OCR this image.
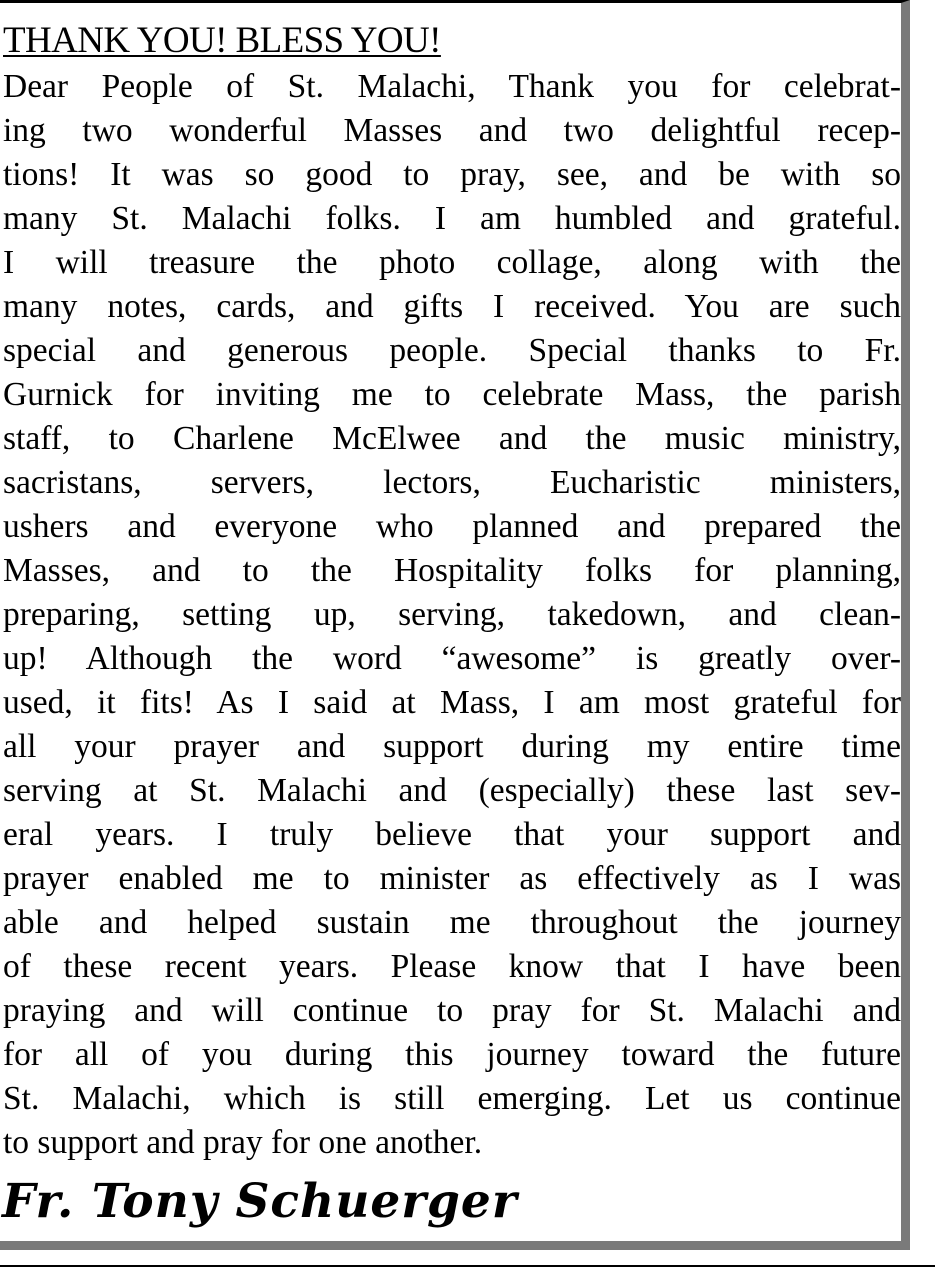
THANK YOU! BLESS YOU!
Dear People of St. Malachi, Thank you for celebrat-
ing two wonderful Masses and two delightful recep-
tions! It was so good to pray, see, and be with so
many St. Malachi folks. I am humbled and grateful.
I will treasure the photo collage, along with the
many notes, cards, and gifts I received. You are such
special and generous people. Special thanks to Fr.
Gurnick for inviting me to celebrate Mass, the parish
staff, to Charlene McElwee and the music ministry,
sacristans, servers, lectors, Eucharistic ministers,
ushers and everyone who planned and prepared the
Masses, and to the Hospitality folks for planning,
preparing, setting up, serving, takedown, and clean-
up! Although the word “awesome” is greatly over-
used, it fits! As I said at Mass, I am most grateful for
all your prayer and support during my entire time
serving at St. Malachi and (especially) these last sev-
eral years. I truly believe that your support and
prayer enabled me to minister as effectively as I was
able and helped sustain me throughout the journey
of these recent years. Please know that I have been
praying and will continue to pray for St. Malachi and
for all of you during this journey toward the future
St. Malachi, which is still emerging. Let us continue
to support and pray for one another.
Fr. Tony Schuerger
